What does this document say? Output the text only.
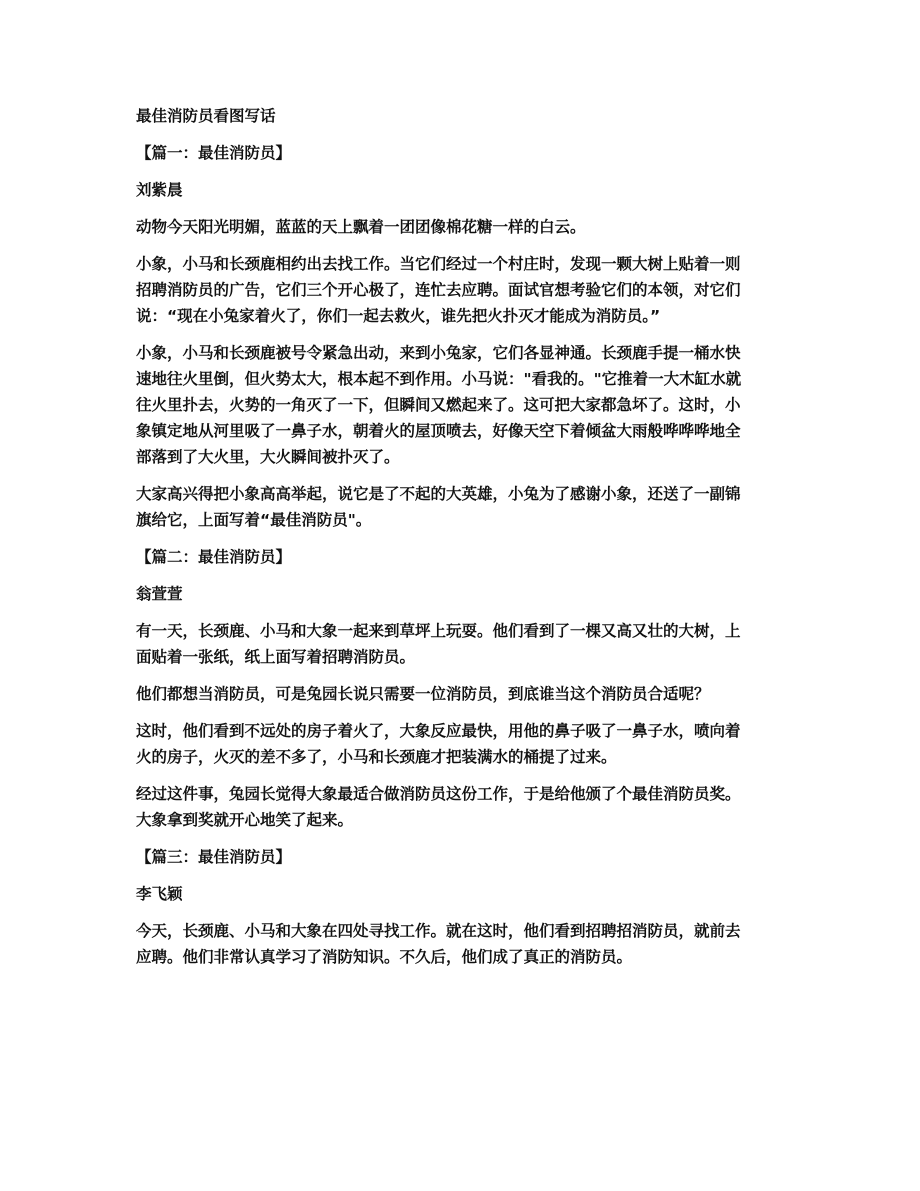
最佳消防员看图写话
【篇一：最佳消防员】
刘紫晨
动物今天阳光明媚，蓝蓝的天上飘着一团团像棉花糖一样的白云。
小象，小马和长颈鹿相约出去找工作。当它们经过一个村庄时，发现一颗大树上贴着一则
招聘消防员的广告，它们三个开心极了，连忙去应聘。面试官想考验它们的本领，对它们
说：“现在小兔家着火了，你们一起去救火，谁先把火扑灭才能成为消防员。”
小象，小马和长颈鹿被号令紧急出动，来到小兔家，它们各显神通。长颈鹿手提一桶水快
速地往火里倒，但火势太大，根本起不到作用。小马说："看我的。"它推着一大木缸水就
往火里扑去，火势的一角灭了一下，但瞬间又燃起来了。这可把大家都急坏了。这时，小
象镇定地从河里吸了一鼻子水，朝着火的屋顶喷去，好像天空下着倾盆大雨般哗哗哗地全
部落到了大火里，大火瞬间被扑灭了。
大家高兴得把小象高高举起，说它是了不起的大英雄，小兔为了感谢小象，还送了一副锦
旗给它，上面写着“最佳消防员"。
【篇二：最佳消防员】
翁萱萱
有一天，长颈鹿、小马和大象一起来到草坪上玩耍。他们看到了一棵又高又壮的大树，上
面贴着一张纸，纸上面写着招聘消防员。
他们都想当消防员，可是兔园长说只需要一位消防员，到底谁当这个消防员合适呢？
这时，他们看到不远处的房子着火了，大象反应最快，用他的鼻子吸了一鼻子水，喷向着
火的房子，火灭的差不多了，小马和长颈鹿才把装满水的桶提了过来。
经过这件事，兔园长觉得大象最适合做消防员这份工作，于是给他颁了个最佳消防员奖。
大象拿到奖就开心地笑了起来。
【篇三：最佳消防员】
李飞颖
今天，长颈鹿、小马和大象在四处寻找工作。就在这时，他们看到招聘招消防员，就前去
应聘。他们非常认真学习了消防知识。不久后，他们成了真正的消防员。
